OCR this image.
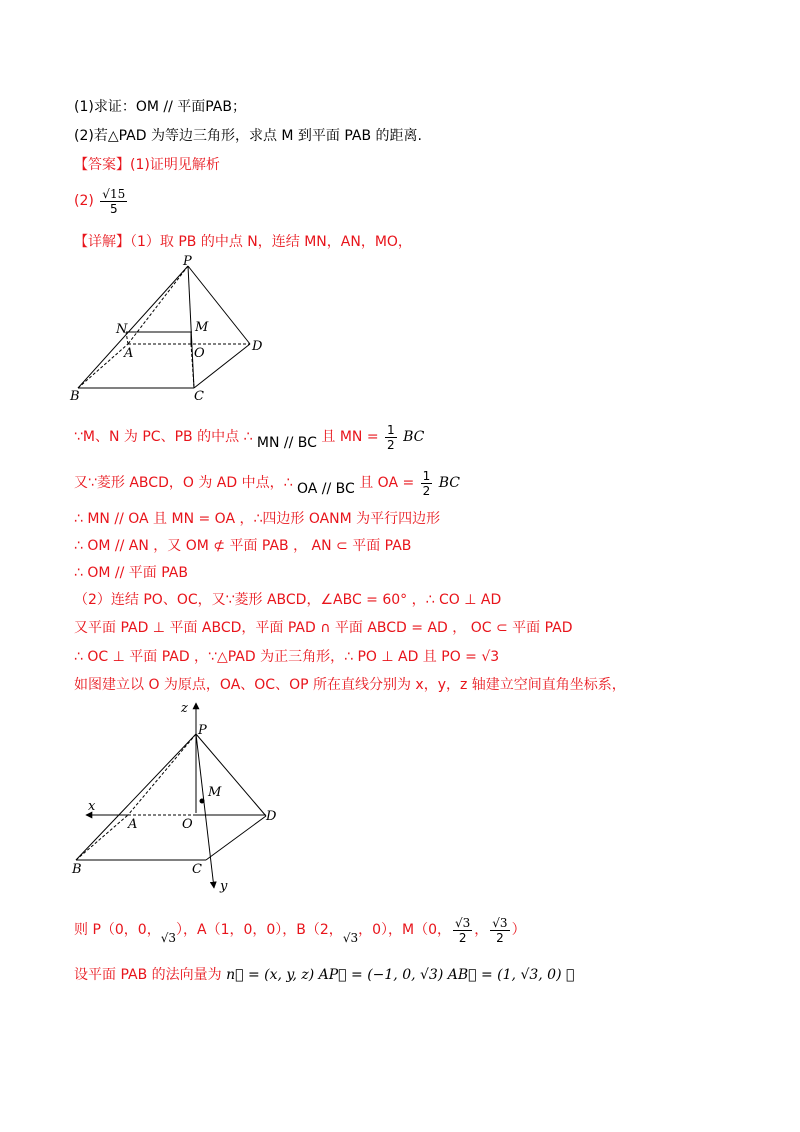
(1)求证：OM // 平面PAB；
(2)若△PAD 为等边三角形，求点 M 到平面 PAB 的距离.
【答案】(1)证明见解析
$(2) \frac{√15}{5}$
【详解】（1）取 PB 的中点 N，连结 MN，AN，MO，
P
N	M
A	O	D
B	C
∵M、N 为 PC、PB 的中点 ∴ MN // BC 且 MN = $\frac{1}{2}$ BC
又∵菱形 ABCD，O 为 AD 中点，∴ OA // BC 且 OA = $\frac{1}{2}$ BC
∴ MN // OA 且 MN = OA ，∴四边形 OANM 为平行四边形
∴ OM // AN ，又 OM ⊄ 平面 PAB ， AN ⊂ 平面 PAB
∴ OM // 平面 PAB
（2）连结 PO、OC，又∵菱形 ABCD，∠ABC = 60° ，∴ CO ⊥ AD
又平面 PAD ⊥ 平面 ABCD，平面 PAD ∩ 平面 ABCD = AD ， OC ⊂ 平面 PAD
∴ OC ⊥ 平面 PAD ，∵△PAD 为正三角形，∴ PO ⊥ AD 且 PO = √3
如图建立以 O 为原点，OA、OC、OP 所在直线分别为 x，y，z 轴建立空间直角坐标系，
z
P
M
x
A	O
D
B	C
y
则 P（0，0，√3），A（1，0，0），B（2，√3，0），M（0， $\frac{√3}{2}$ ， $\frac{√3}{2}$ ）
设平面 PAB 的法向量为 n⃗ = (x, y, z) AP⃗ = (−1, 0, √3) AB⃗ = (1, √3, 0) ，
